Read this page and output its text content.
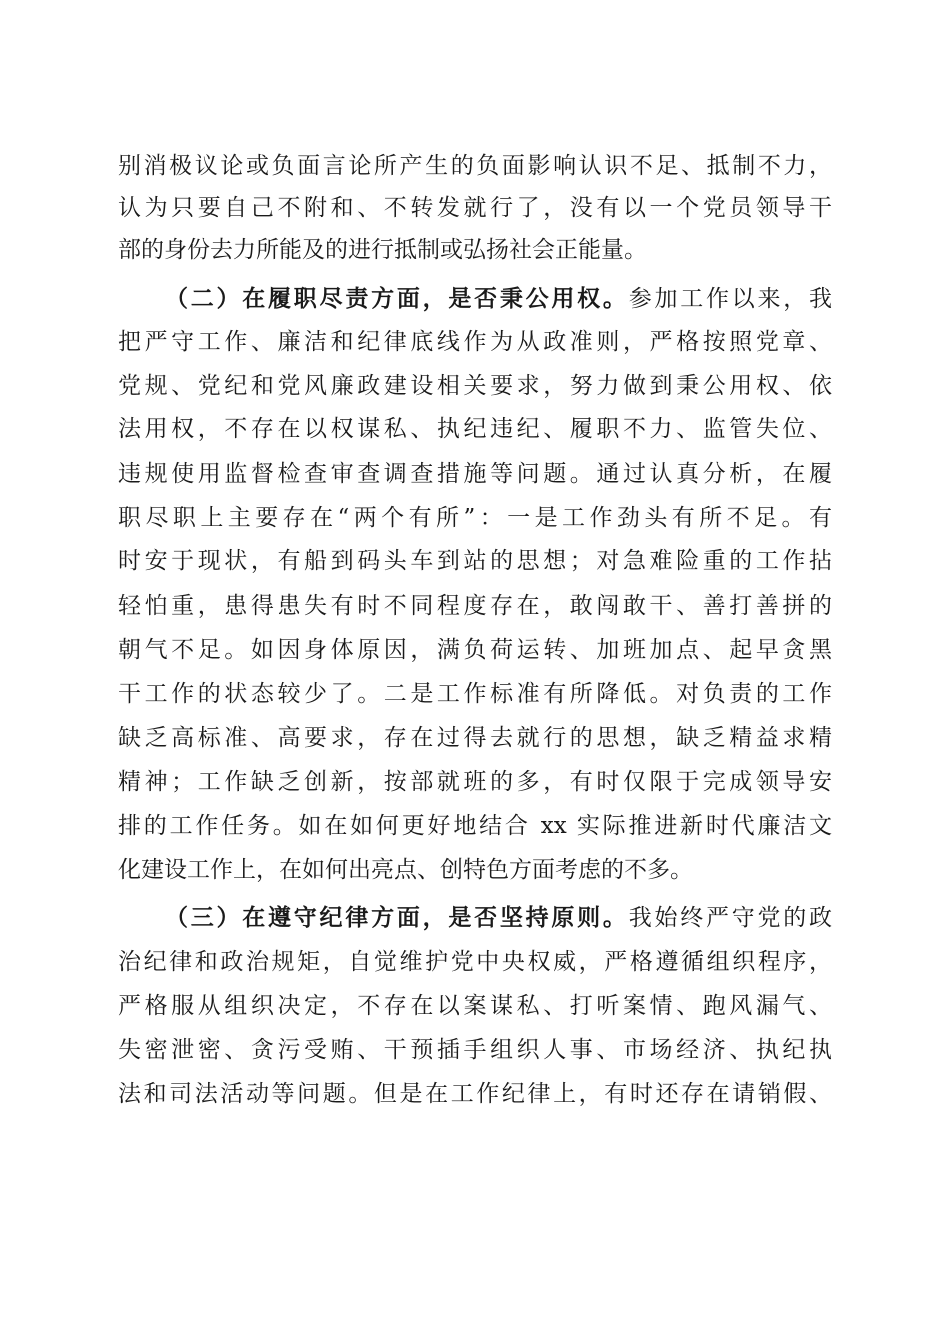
别消极议论或负面言论所产生的负面影响认识不足、抵制不力，
认为只要自己不附和、不转发就行了，没有以一个党员领导干
部的身份去力所能及的进行抵制或弘扬社会正能量。
（二）在履职尽责方面，是否秉公用权。参加工作以来，我
把严守工作、廉洁和纪律底线作为从政准则，严格按照党章、
党规、党纪和党风廉政建设相关要求，努力做到秉公用权、依
法用权，不存在以权谋私、执纪违纪、履职不力、监管失位、
违规使用监督检查审查调查措施等问题。通过认真分析，在履
职尽职上主要存在“两个有所”：一是工作劲头有所不足。有
时安于现状，有船到码头车到站的思想；对急难险重的工作拈
轻怕重，患得患失有时不同程度存在，敢闯敢干、善打善拼的
朝气不足。如因身体原因，满负荷运转、加班加点、起早贪黑
干工作的状态较少了。二是工作标准有所降低。对负责的工作
缺乏高标准、高要求，存在过得去就行的思想，缺乏精益求精
精神；工作缺乏创新，按部就班的多，有时仅限于完成领导安
排的工作任务。如在如何更好地结合 xx 实际推进新时代廉洁文
化建设工作上，在如何出亮点、创特色方面考虑的不多。
（三）在遵守纪律方面，是否坚持原则。我始终严守党的政
治纪律和政治规矩，自觉维护党中央权威，严格遵循组织程序，
严格服从组织决定，不存在以案谋私、打听案情、跑风漏气、
失密泄密、贪污受贿、干预插手组织人事、市场经济、执纪执
法和司法活动等问题。但是在工作纪律上，有时还存在请销假、
